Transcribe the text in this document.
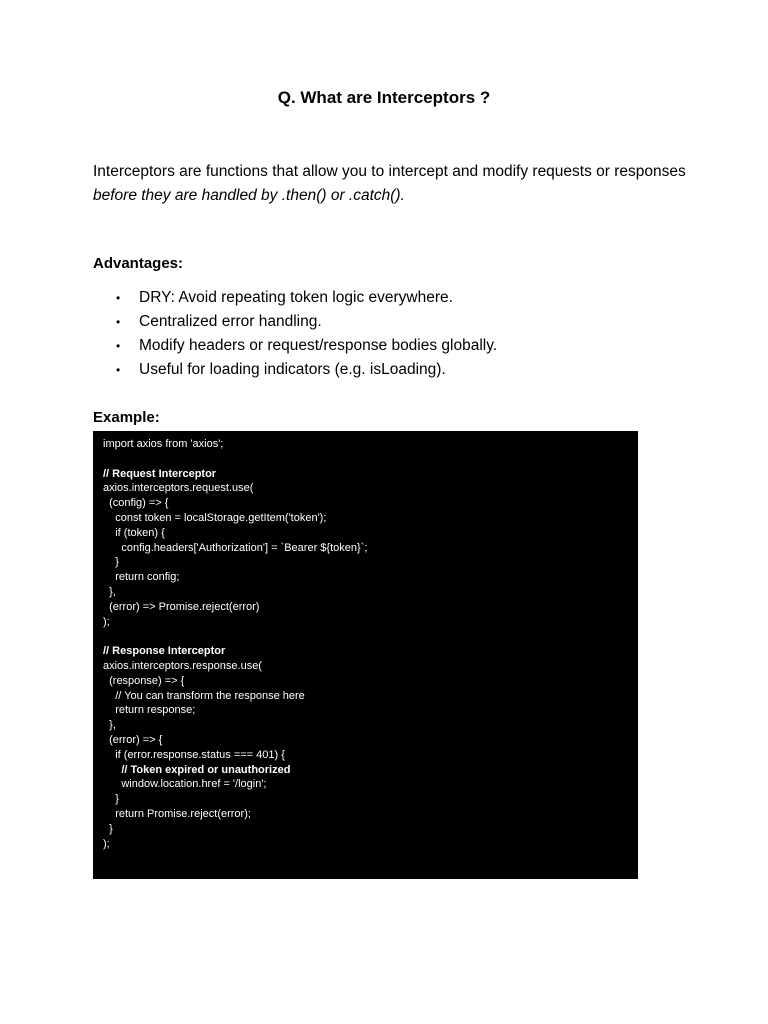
Q. What are Interceptors ?

Interceptors are functions that allow you to intercept and modify requests or responses before they are handled by .then() or .catch().

Advantages:
• DRY: Avoid repeating token logic everywhere.
• Centralized error handling.
• Modify headers or request/response bodies globally.
• Useful for loading indicators (e.g. isLoading).
Example:
import axios from 'axios';
// Request Interceptor
axios.interceptors.request.use(
(config) => {
const token = localStorage.getItem('token');
if (token) {
config.headers['Authorization'] = `Bearer ${token}`;
}
return config;
},
(error) => Promise.reject(error)
);
// Response Interceptor
axios.interceptors.response.use(
(response) => {
// You can transform the response here
return response;
},
(error) => {
if (error.response.status === 401) {
// Token expired or unauthorized
window.location.href = '/login';
}
return Promise.reject(error);
}
);
